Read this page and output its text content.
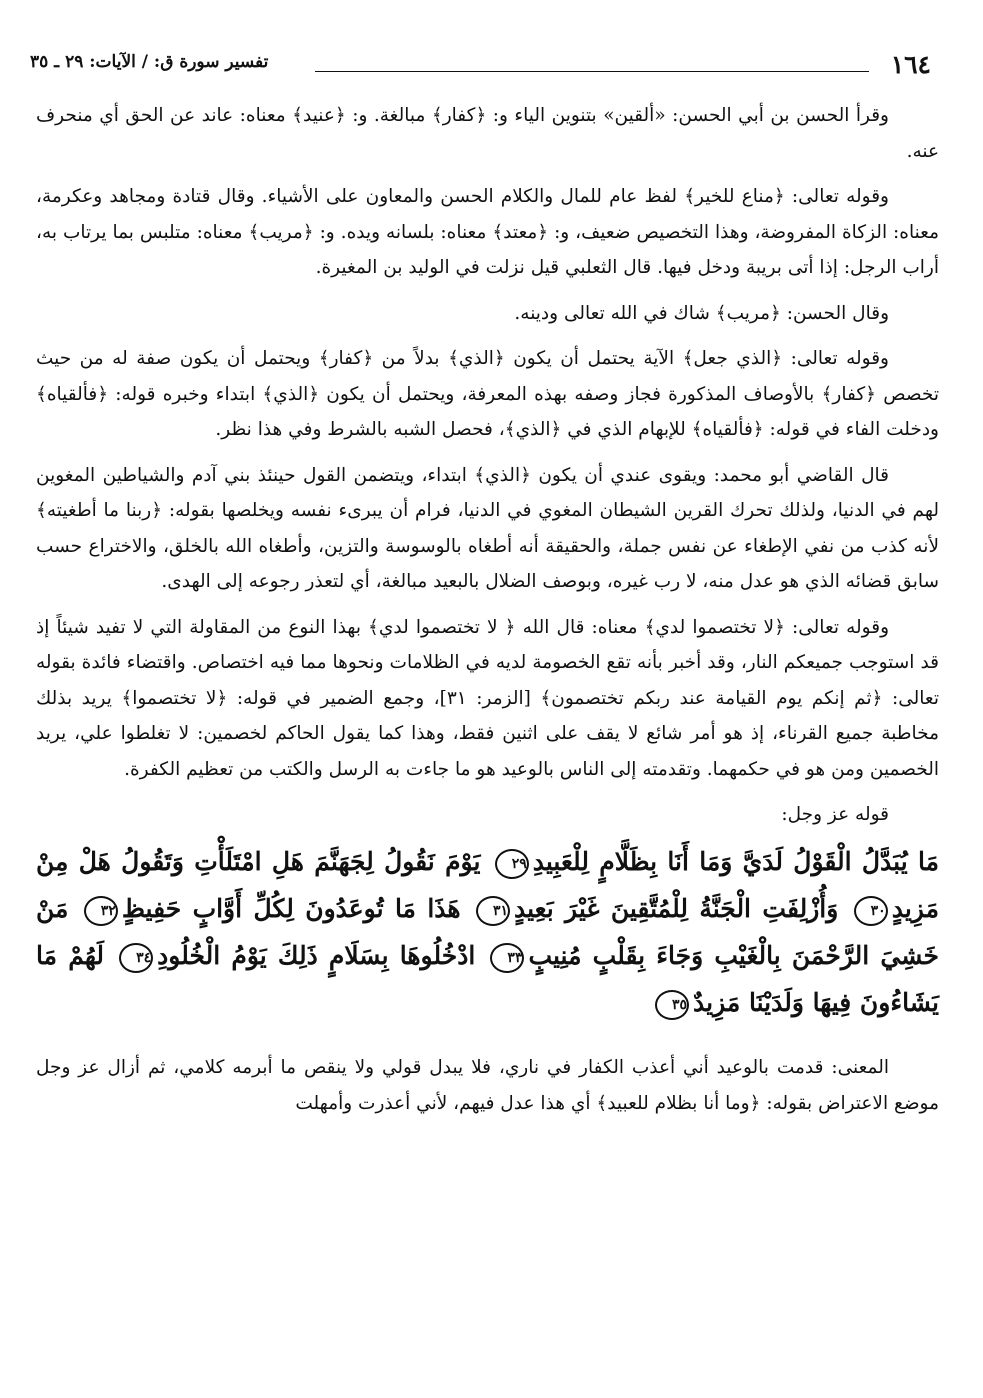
١٦٤
تفسير سورة ق: / الآيات: ٢٩ ـ ٣٥

وقرأ الحسن بن أبي الحسن: «ألقين» بتنوين الياء و: ﴿كفار﴾ مبالغة. و: ﴿عنيد﴾ معناه: عاند عن الحق أي منحرف عنه.

وقوله تعالى: ﴿مناع للخير﴾ لفظ عام للمال والكلام الحسن والمعاون على الأشياء. وقال قتادة ومجاهد وعكرمة، معناه: الزكاة المفروضة، وهذا التخصيص ضعيف، و: ﴿معتد﴾ معناه: بلسانه ويده. و: ﴿مريب﴾ معناه: متلبس بما يرتاب به، أراب الرجل: إذا أتى بريبة ودخل فيها. قال الثعلبي قيل نزلت في الوليد بن المغيرة.

وقال الحسن: ﴿مريب﴾ شاك في الله تعالى ودينه.

وقوله تعالى: ﴿الذي جعل﴾ الآية يحتمل أن يكون ﴿الذي﴾ بدلاً من ﴿كفار﴾ ويحتمل أن يكون صفة له من حيث تخصص ﴿كفار﴾ بالأوصاف المذكورة فجاز وصفه بهذه المعرفة، ويحتمل أن يكون ﴿الذي﴾ ابتداء وخبره قوله: ﴿فألقياه﴾ ودخلت الفاء في قوله: ﴿فألقياه﴾ للإبهام الذي في ﴿الذي﴾، فحصل الشبه بالشرط وفي هذا نظر.

قال القاضي أبو محمد: ويقوى عندي أن يكون ﴿الذي﴾ ابتداء، ويتضمن القول حينئذ بني آدم والشياطين المغوين لهم في الدنيا، ولذلك تحرك القرين الشيطان المغوي في الدنيا، فرام أن يبرىء نفسه ويخلصها بقوله: ﴿ربنا ما أطغيته﴾ لأنه كذب من نفي الإطغاء عن نفس جملة، والحقيقة أنه أطغاه بالوسوسة والتزين، وأطغاه الله بالخلق، والاختراع حسب سابق قضائه الذي هو عدل منه، لا رب غيره، وبوصف الضلال بالبعيد مبالغة، أي لتعذر رجوعه إلى الهدى.

وقوله تعالى: ﴿لا تختصموا لدي﴾ معناه: قال الله ﴿ لا تختصموا لدي﴾ بهذا النوع من المقاولة التي لا تفيد شيئاً إذ قد استوجب جميعكم النار، وقد أخبر بأنه تقع الخصومة لديه في الظلامات ونحوها مما فيه اختصاص. واقتضاء فائدة بقوله تعالى: ﴿ثم إنكم يوم القيامة عند ربكم تختصمون﴾ [الزمر: ٣١]، وجمع الضمير في قوله: ﴿لا تختصموا﴾ يريد بذلك مخاطبة جميع القرناء، إذ هو أمر شائع لا يقف على اثنين فقط، وهذا كما يقول الحاكم لخصمين: لا تغلطوا علي، يريد الخصمين ومن هو في حكمهما. وتقدمته إلى الناس بالوعيد هو ما جاءت به الرسل والكتب من تعظيم الكفرة.

قوله عز وجل:

مَا يُبَدَّلُ الْقَوْلُ لَدَيَّ وَمَا أَنَا بِظَلَّامٍ لِلْعَبِيدِ٢٩ يَوْمَ نَقُولُ لِجَهَنَّمَ هَلِ امْتَلَأْتِ وَتَقُولُ هَلْ مِنْ مَزِيدٍ٣٠ وَأُزْلِفَتِ الْجَنَّةُ لِلْمُتَّقِينَ غَيْرَ بَعِيدٍ٣١ هَذَا مَا تُوعَدُونَ لِكُلِّ أَوَّابٍ حَفِيظٍ٣٢ مَنْ خَشِيَ الرَّحْمَنَ بِالْغَيْبِ وَجَاءَ بِقَلْبٍ مُنِيبٍ٣٣ ادْخُلُوهَا بِسَلَامٍ ذَلِكَ يَوْمُ الْخُلُودِ٣٤ لَهُمْ مَا يَشَاءُونَ فِيهَا وَلَدَيْنَا مَزِيدٌ٣٥

المعنى: قدمت بالوعيد أني أعذب الكفار في ناري، فلا يبدل قولي ولا ينقص ما أبرمه كلامي، ثم أزال عز وجل موضع الاعتراض بقوله: ﴿وما أنا بظلام للعبيد﴾ أي هذا عدل فيهم، لأني أعذرت وأمهلت
